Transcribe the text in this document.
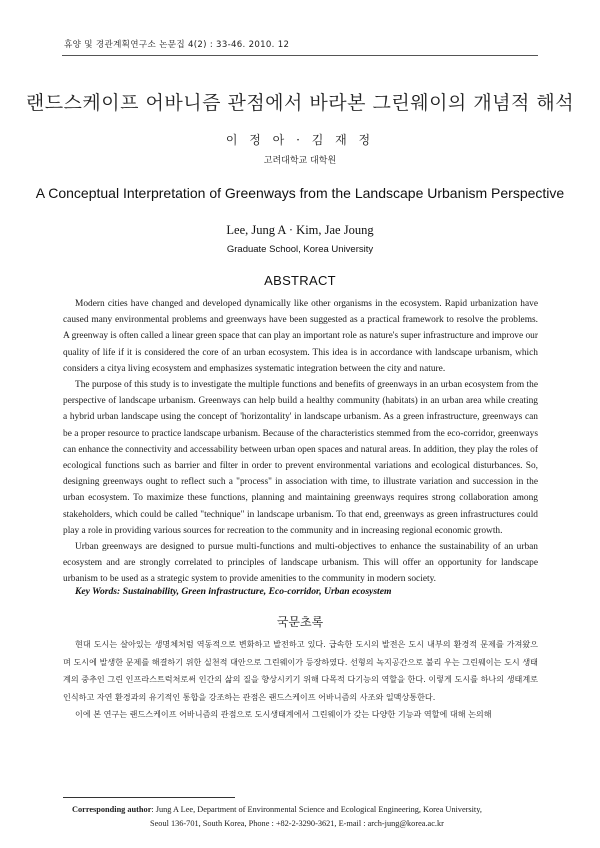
휴양 및 경관계획연구소 논문집 4(2) : 33-46. 2010. 12
랜드스케이프 어바니즘 관점에서 바라본 그린웨이의 개념적 해석
이 정 아 · 김 재 정
고려대학교 대학원
A Conceptual Interpretation of Greenways from the Landscape Urbanism Perspective
Lee, Jung A · Kim, Jae Joung
Graduate School, Korea University
ABSTRACT

Modern cities have changed and developed dynamically like other organisms in the ecosystem. Rapid urbanization have caused many environmental problems and greenways have been suggested as a practical framework to resolve the problems. A greenway is often called a linear green space that can play an important role as nature's super infrastructure and improve our quality of life if it is considered the core of an urban ecosystem. This idea is in accordance with landscape urbanism, which considers a citya living ecosystem and emphasizes systematic integration between the city and nature.

The purpose of this study is to investigate the multiple functions and benefits of greenways in an urban ecosystem from the perspective of landscape urbanism. Greenways can help build a healthy community (habitats) in an urban area while creating a hybrid urban landscape using the concept of 'horizontality' in landscape urbanism. As a green infrastructure, greenways can be a proper resource to practice landscape urbanism. Because of the characteristics stemmed from the eco-corridor, greenways can enhance the connectivity and accessability between urban open spaces and natural areas. In addition, they play the roles of ecological functions such as barrier and filter in order to prevent environmental variations and ecological disturbances. So, designing greenways ought to reflect such a "process" in association with time, to illustrate variation and succession in the urban ecosystem. To maximize these functions, planning and maintaining greenways requires strong collaboration among stakeholders, which could be called "technique" in landscape urbanism. To that end, greenways as green infrastructures could play a role in providing various sources for recreation to the community and in increasing regional economic growth.

Urban greenways are designed to pursue multi-functions and multi-objectives to enhance the sustainability of an urban ecosystem and are strongly correlated to principles of landscape urbanism. This will offer an opportunity for landscape urbanism to be used as a strategic system to provide amenities to the community in modern society.

Key Words: Sustainability, Green infrastructure, Eco-corridor, Urban ecosystem
국문초록

현대 도시는 살아있는 생명체처럼 역동적으로 변화하고 발전하고 있다. 급속한 도시의 발전은 도시 내부의 환경적 문제를 가져왔으며 도시에 발생한 문제를 해결하기 위한 실천적 대안으로 그린웨이가 등장하였다. 선형의 녹지공간으로 불리 우는 그린웨이는 도시 생태계의 중추인 그린 인프라스트럭처로써 인간의 삶의 질을 향상시키기 위해 다목적 다기능의 역할을 한다. 이렇게 도시를 하나의 생태계로 인식하고 자연 환경과의 유기적인 통합을 강조하는 관점은 랜드스케이프 어바니즘의 사조와 일맥상통한다.

이에 본 연구는 랜드스케이프 어바니즘의 관점으로 도시생태계에서 그린웨이가 갖는 다양한 기능과 역할에 대해 논의해

Corresponding author: Jung A Lee, Department of Environmental Science and Ecological Engineering, Korea University,
Seoul 136-701, South Korea, Phone : +82-2-3290-3621, E-mail : arch-jung@korea.ac.kr
